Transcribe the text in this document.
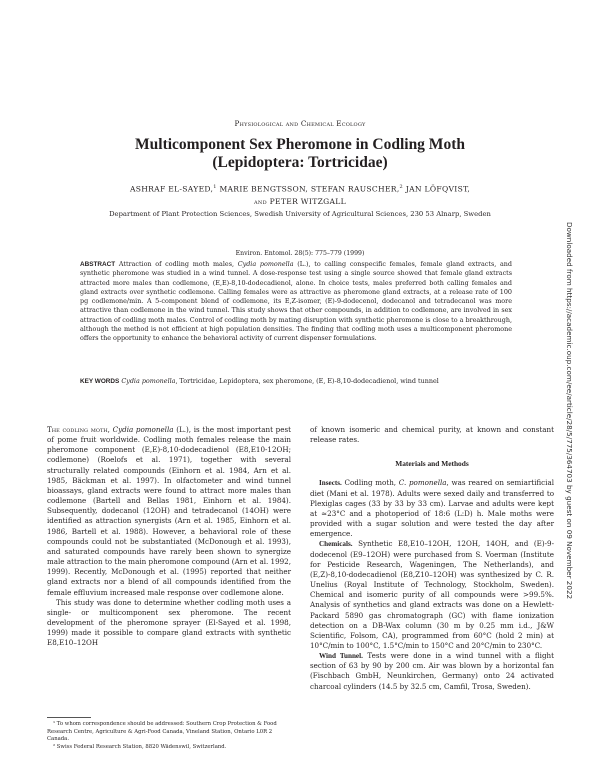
Physiological and Chemical Ecology
Multicomponent Sex Pheromone in Codling Moth
(Lepidoptera: Tortricidae)
ASHRAF EL-SAYED,$^1$ MARIE BENGTSSON, STEFAN RAUSCHER,$^2$ JAN LÖFQVIST,
and PETER WITZGALL
Department of Plant Protection Sciences, Swedish University of Agricultural Sciences, 230 53 Alnarp, Sweden
Environ. Entomol. 28(5): 775–779 (1999)
ABSTRACT Attraction of codling moth males, Cydia pomonella (L.), to calling conspecific females, female gland extracts, and synthetic pheromone was studied in a wind tunnel. A dose-response test using a single source showed that female gland extracts attracted more males than codlemone, (E,E)-8,10-dodecadienol, alone. In choice tests, males preferred both calling females and gland extracts over synthetic codlemone. Calling females were as attractive as pheromone gland extracts, at a release rate of 100 pg codlemone/min. A 5-component blend of codlemone, its E,Z-isomer, (E)-9-dodecenol, dodecanol and tetradecanol was more attractive than codlemone in the wind tunnel. This study shows that other compounds, in addition to codlemone, are involved in sex attraction of codling moth males. Control of codling moth by mating disruption with synthetic pheromone is close to a breakthrough, although the method is not efficient at high population densities. The finding that codling moth uses a multicomponent pheromone offers the opportunity to enhance the behavioral activity of current dispenser formulations.
KEY WORDS Cydia pomonella, Tortricidae, Lepidoptera, sex pheromone, (E, E)-8,10-dodecadienol, wind tunnel

The codling moth, Cydia pomonella (L.), is the most important pest of pome fruit worldwide. Codling moth females release the main pheromone component (E,E)-8,10-dodecadienol (E8,E10-12OH; codlemone) (Roelofs et al. 1971), together with several structurally related compounds (Einhorn et al. 1984, Arn et al. 1985, Bäckman et al. 1997). In olfactometer and wind tunnel bioassays, gland extracts were found to attract more males than codlemone (Bartell and Bellas 1981, Einhorn et al. 1984). Subsequently, dodecanol (12OH) and tetradecanol (14OH) were identified as attraction synergists (Arn et al. 1985, Einhorn et al. 1986, Bartell et al. 1988). However, a behavioral role of these compounds could not be substantiated (McDonough et al. 1993), and saturated compounds have rarely been shown to synergize male attraction to the main pheromone compound (Arn et al. 1992, 1999). Recently, McDonough et al. (1995) reported that neither gland extracts nor a blend of all compounds identified from the female effluvium increased male response over codlemone alone.

This study was done to determine whether codling moth uses a single- or multicomponent sex pheromone. The recent development of the pheromone sprayer (El-Sayed et al. 1998, 1999) made it possible to compare gland extracts with synthetic E8,E10–12OH

of known isomeric and chemical purity, at known and constant release rates.

Materials and Methods

Insects. Codling moth, C. pomonella, was reared on semiartificial diet (Mani et al. 1978). Adults were sexed daily and transferred to Plexiglas cages (33 by 33 by 33 cm). Larvae and adults were kept at ≈23°C and a photoperiod of 18:6 (L:D) h. Male moths were provided with a sugar solution and were tested the day after emergence.

Chemicals. Synthetic E8,E10–12OH, 12OH, 14OH, and (E)-9-dodecenol (E9–12OH) were purchased from S. Voerman (Institute for Pesticide Research, Wageningen, The Netherlands), and (E,Z)-8,10-dodecadienol (E8,Z10–12OH) was synthesized by C. R. Unelius (Royal Institute of Technology, Stockholm, Sweden). Chemical and isomeric purity of all compounds were >99.5%. Analysis of synthetics and gland extracts was done on a Hewlett-Packard 5890 gas chromatograph (GC) with flame ionization detection on a DB-Wax column (30 m by 0.25 mm i.d., J&W Scientific, Folsom, CA), programmed from 60°C (hold 2 min) at 10°C/min to 100°C, 1.5°C/min to 150°C and 20°C/min to 230°C.

Wind Tunnel. Tests were done in a wind tunnel with a flight section of 63 by 90 by 200 cm. Air was blown by a horizontal fan (Fischbach GmbH, Neunkirchen, Germany) onto 24 activated charcoal cylinders (14.5 by 32.5 cm, Camfil, Trosa, Sweden).

¹ To whom correspondence should be addressed: Southern Crop Protection & Food Research Centre, Agriculture & Agri-Food Canada, Vineland Station, Ontario L0R 2 Canada.

² Swiss Federal Research Station, 8820 Wädenswil, Switzerland.

Downloaded from https://academic.oup.com/ee/article/28/5/775/364703 by guest on 09 November 2022
